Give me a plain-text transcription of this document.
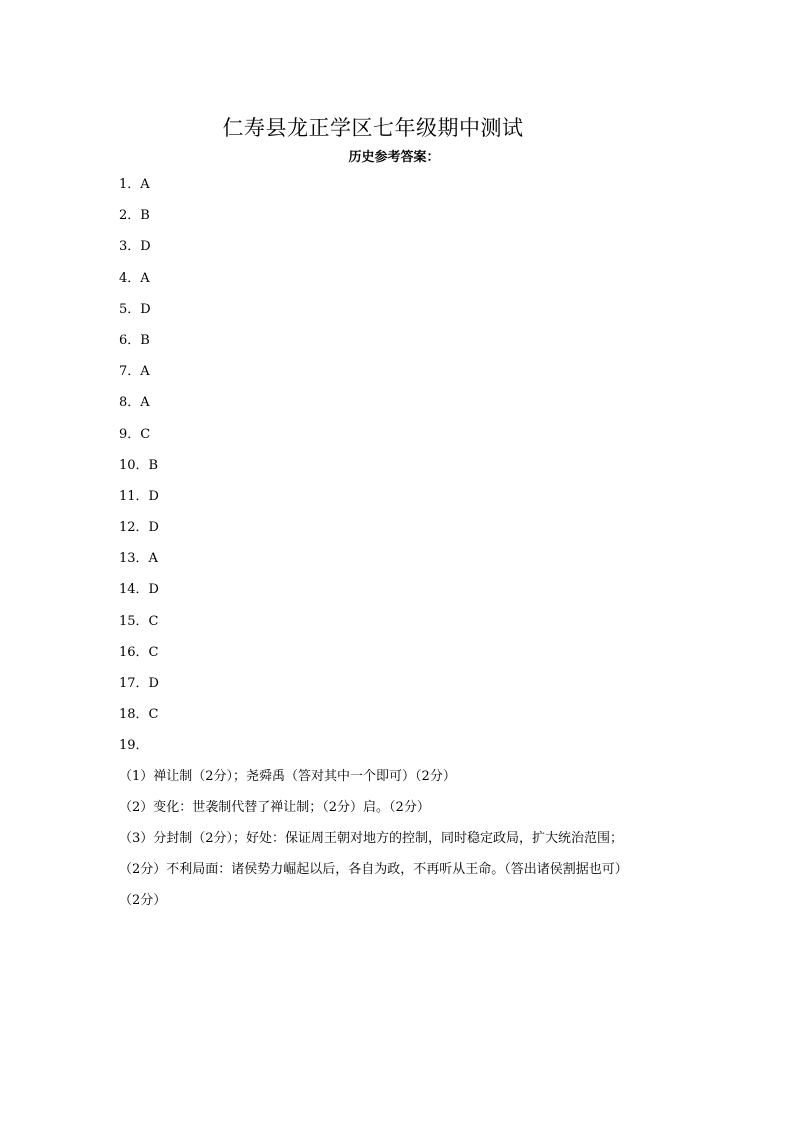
仁寿县龙正学区七年级期中测试
历史参考答案：
1．A
2．B
3．D
4．A
5．D
6．B
7．A
8．A
9．C
10．B
11．D
12．D
13．A
14．D
15．C
16．C
17．D
18．C
19．

（1）禅让制（2分）；尧舜禹（答对其中一个即可）（2分）

（2）变化：世袭制代替了禅让制；（2分）启。（2分）

（3）分封制（2分）；好处：保证周王朝对地方的控制，同时稳定政局，扩大统治范围；

（2分）不利局面：诸侯势力崛起以后，各自为政，不再听从王命。（答出诸侯割据也可）

（2分）
